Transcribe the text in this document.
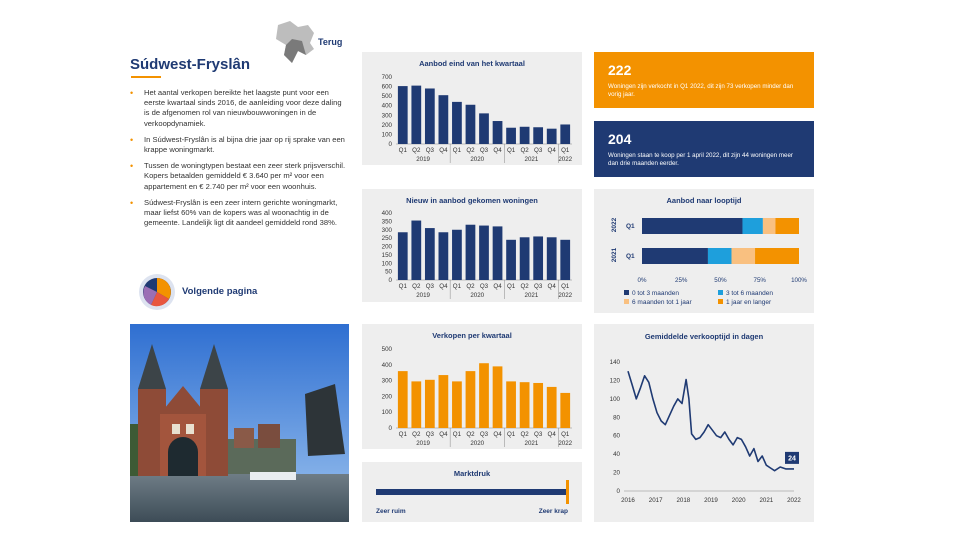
Terug
Súdwest-Fryslân
• Het aantal verkopen bereikte het laagste punt voor een eerste kwartaal sinds 2016, de aanleiding voor deze daling is de afgenomen rol van nieuwbouwwoningen in de verkoopdynamiek.
• In Súdwest-Fryslân is al bijna drie jaar op rij sprake van een krappe woningmarkt.
• Tussen de woningtypen bestaat een zeer sterk prijsverschil. Kopers betaalden gemiddeld € 3.640 per m² voor een appartement en € 2.740 per m² voor een woonhuis.
• Súdwest-Fryslân is een zeer intern gerichte woningmarkt, maar liefst 60% van de kopers was al woonachtig in de gemeente. Landelijk ligt dit aandeel gemiddeld rond 38%.
Volgende pagina
Aanbod eind van het kwartaal
0
100
200
300
400
500
600
700
Q1 Q2 Q3 Q4 Q1 Q2 Q3 Q4 Q1 Q2 Q3 Q4 Q1
2019	2020	2021	2022
Nieuw in aanbod gekomen woningen
0
50
100
150
200
250
300
350
400
Q1 Q2 Q3 Q4 Q1 Q2 Q3 Q4 Q1 Q2 Q3 Q4 Q1
2019	2020	2021	2022
Verkopen per kwartaal
0
100
200
300
400
500
Q1 Q2 Q3 Q4 Q1 Q2 Q3 Q4 Q1 Q2 Q3 Q4 Q1
2019	2020	2021	2022
Marktdruk
Zeer ruim	Zeer krap
222
Woningen zijn verkocht in Q1 2022, dit zijn 73 verkopen minder dan vorig jaar.
204
Woningen staan te koop per 1 april 2022, dit zijn 44 woningen meer dan drie maanden eerder.
Aanbod naar looptijd
2022 Q1
2021 Q1
0%	25%	50%	75%	100%
0 tot 3 maanden	3 tot 6 maanden
6 maanden tot 1 jaar	1 jaar en langer
Gemiddelde verkooptijd in dagen
0
20
40
60
80
100
120
140
2016 2017 2018 2019 2020 2021 2022
24
